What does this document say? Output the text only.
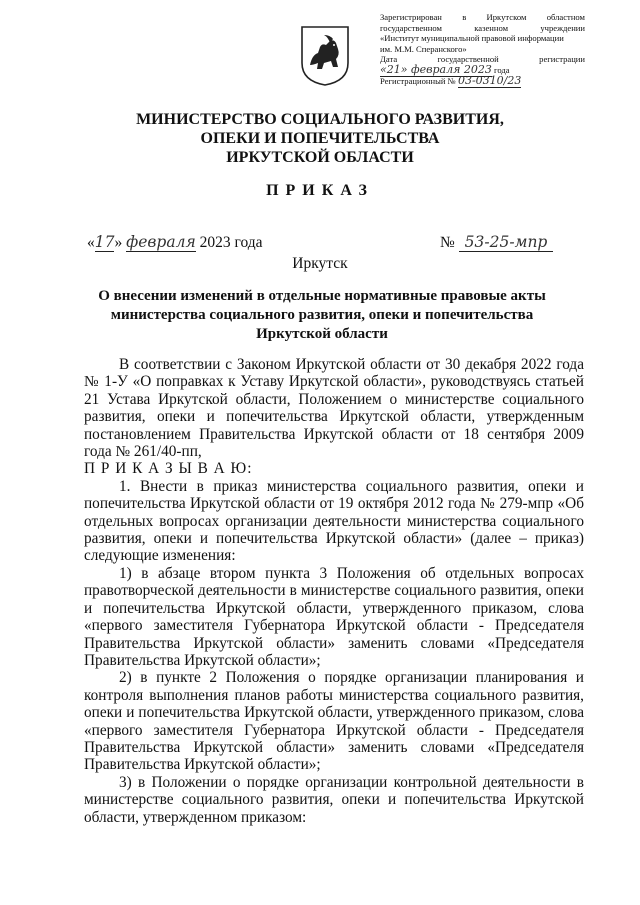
Зарегистрирован в Иркутском областном
государственном	казенном	учреждении
«Институт муниципальной правовой информации
им. М.М. Сперанского»
Дата	государственной	регистрации
«21» февраля 2023 года
Регистрационный № 03-0310/23
МИНИСТЕРСТВО СОЦИАЛЬНОГО РАЗВИТИЯ,
ОПЕКИ И ПОПЕЧИТЕЛЬСТВА
ИРКУТСКОЙ ОБЛАСТИ
ПРИКАЗ
«17» февраля 2023 года	№ 53-25-мпр
Иркутск
О внесении изменений в отдельные нормативные правовые акты
министерства социального развития, опеки и попечительства
Иркутской области

В соответствии с Законом Иркутской области от 30 декабря 2022 года № 1-У «О поправках к Уставу Иркутской области», руководствуясь статьей 21 Устава Иркутской области, Положением о министерстве социального развития, опеки и попечительства Иркутской области, утвержденным постановлением Правительства Иркутской области от 18 сентября 2009 года № 261/40-пп,

П Р И К А З Ы В А Ю:

1. Внести в приказ министерства социального развития, опеки и попечительства Иркутской области от 19 октября 2012 года № 279-мпр «Об отдельных вопросах организации деятельности министерства социального развития, опеки и попечительства Иркутской области» (далее – приказ) следующие изменения:

1) в абзаце втором пункта 3 Положения об отдельных вопросах правотворческой деятельности в министерстве социального развития, опеки и попечительства Иркутской области, утвержденного приказом, слова «первого заместителя Губернатора Иркутской области - Председателя Правительства Иркутской области» заменить словами «Председателя Правительства Иркутской области»;

2) в пункте 2 Положения о порядке организации планирования и контроля выполнения планов работы министерства социального развития, опеки и попечительства Иркутской области, утвержденного приказом, слова «первого заместителя Губернатора Иркутской области - Председателя Правительства Иркутской области» заменить словами «Председателя Правительства Иркутской области»;

3) в Положении о порядке организации контрольной деятельности в министерстве социального развития, опеки и попечительства Иркутской области, утвержденном приказом:
